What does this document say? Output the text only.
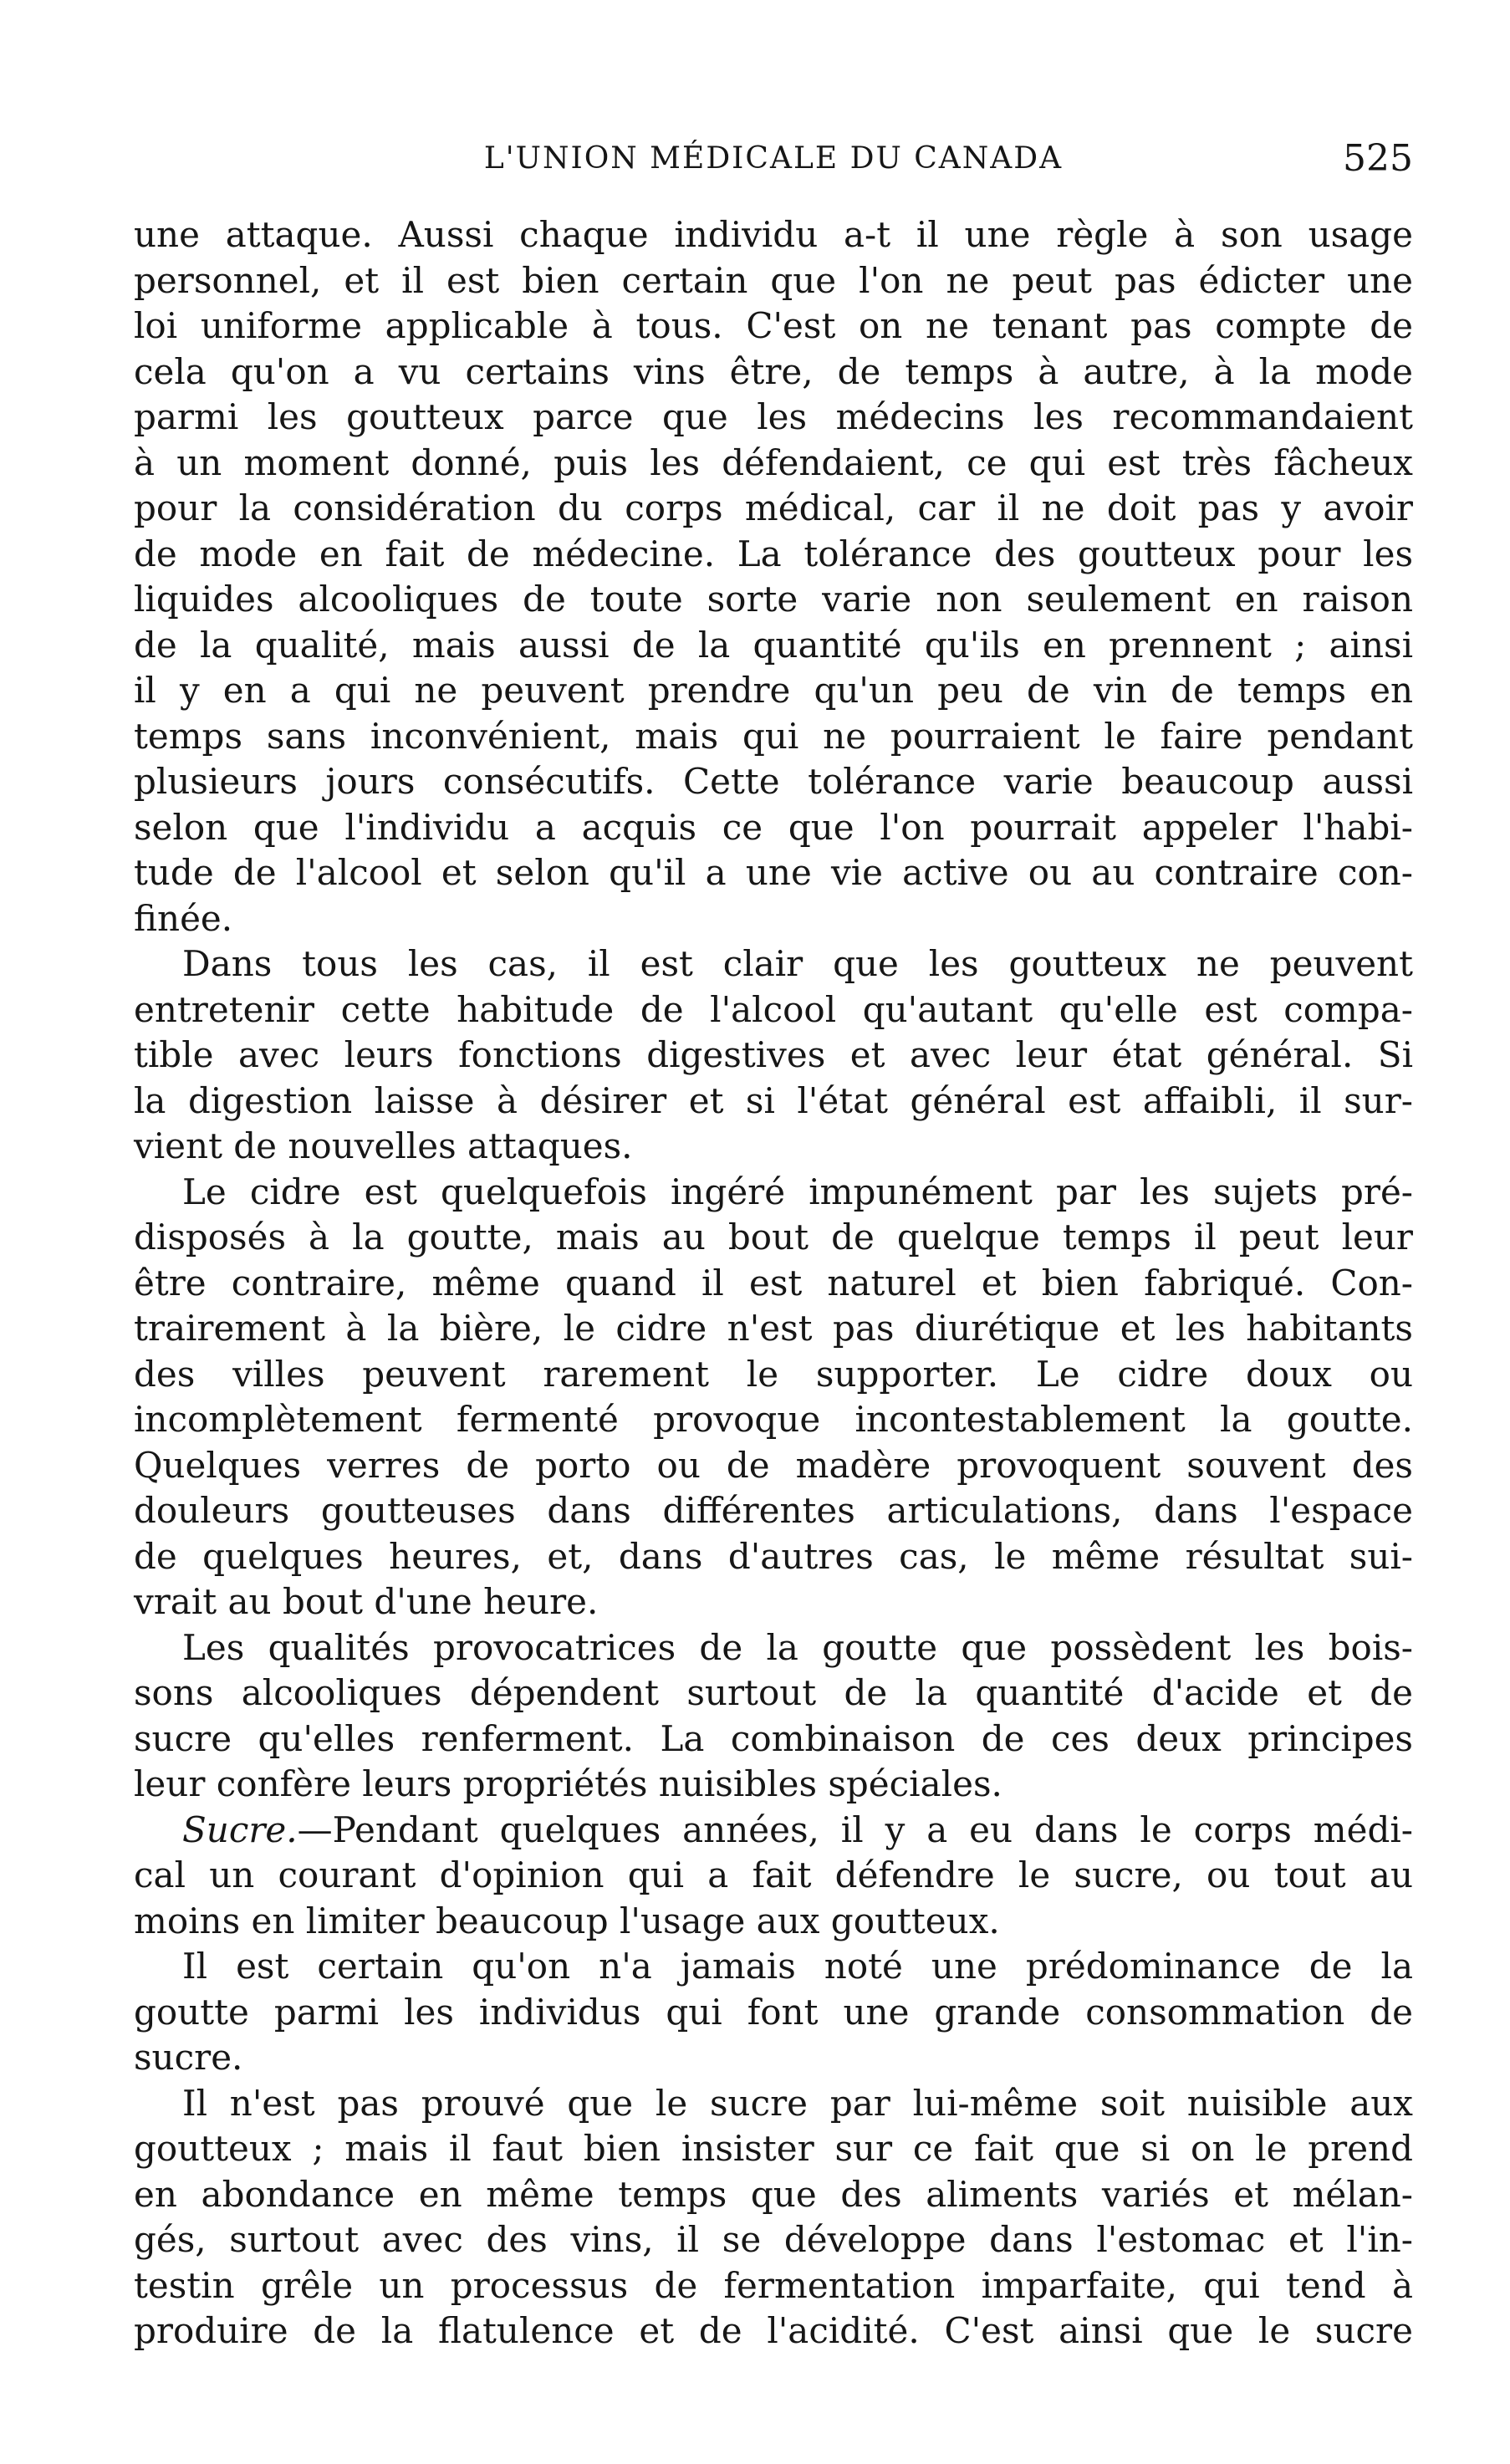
L'UNION MÉDICALE DU CANADA	525

une attaque. Aussi chaque individu a-t il une règle à son usage
personnel, et il est bien certain que l'on ne peut pas édicter une
loi uniforme applicable à tous. C'est on ne tenant pas compte de
cela qu'on a vu certains vins être, de temps à autre, à la mode
parmi les goutteux parce que les médecins les recommandaient
à un moment donné, puis les défendaient, ce qui est très fâcheux
pour la considération du corps médical, car il ne doit pas y avoir
de mode en fait de médecine. La tolérance des goutteux pour les
liquides alcooliques de toute sorte varie non seulement en raison
de la qualité, mais aussi de la quantité qu'ils en prennent ; ainsi
il y en a qui ne peuvent prendre qu'un peu de vin de temps en
temps sans inconvénient, mais qui ne pourraient le faire pendant
plusieurs jours consécutifs. Cette tolérance varie beaucoup aussi
selon que l'individu a acquis ce que l'on pourrait appeler l'habi-
tude de l'alcool et selon qu'il a une vie active ou au contraire con-
finée.

Dans tous les cas, il est clair que les goutteux ne peuvent
entretenir cette habitude de l'alcool qu'autant qu'elle est compa-
tible avec leurs fonctions digestives et avec leur état général. Si
la digestion laisse à désirer et si l'état général est affaibli, il sur-
vient de nouvelles attaques.

Le cidre est quelquefois ingéré impunément par les sujets pré-
disposés à la goutte, mais au bout de quelque temps il peut leur
être contraire, même quand il est naturel et bien fabriqué. Con-
trairement à la bière, le cidre n'est pas diurétique et les habitants
des villes peuvent rarement le supporter. Le cidre doux ou
incomplètement fermenté provoque incontestablement la goutte.
Quelques verres de porto ou de madère provoquent souvent des
douleurs goutteuses dans différentes articulations, dans l'espace
de quelques heures, et, dans d'autres cas, le même résultat sui-
vrait au bout d'une heure.

Les qualités provocatrices de la goutte que possèdent les bois-
sons alcooliques dépendent surtout de la quantité d'acide et de
sucre qu'elles renferment. La combinaison de ces deux principes
leur confère leurs propriétés nuisibles spéciales.

Sucre.—Pendant quelques années, il y a eu dans le corps médi-
cal un courant d'opinion qui a fait défendre le sucre, ou tout au
moins en limiter beaucoup l'usage aux goutteux.

Il est certain qu'on n'a jamais noté une prédominance de la
goutte parmi les individus qui font une grande consommation de
sucre.

Il n'est pas prouvé que le sucre par lui-même soit nuisible aux
goutteux ; mais il faut bien insister sur ce fait que si on le prend
en abondance en même temps que des aliments variés et mélan-
gés, surtout avec des vins, il se développe dans l'estomac et l'in-
testin grêle un processus de fermentation imparfaite, qui tend à
produire de la flatulence et de l'acidité. C'est ainsi que le sucre
